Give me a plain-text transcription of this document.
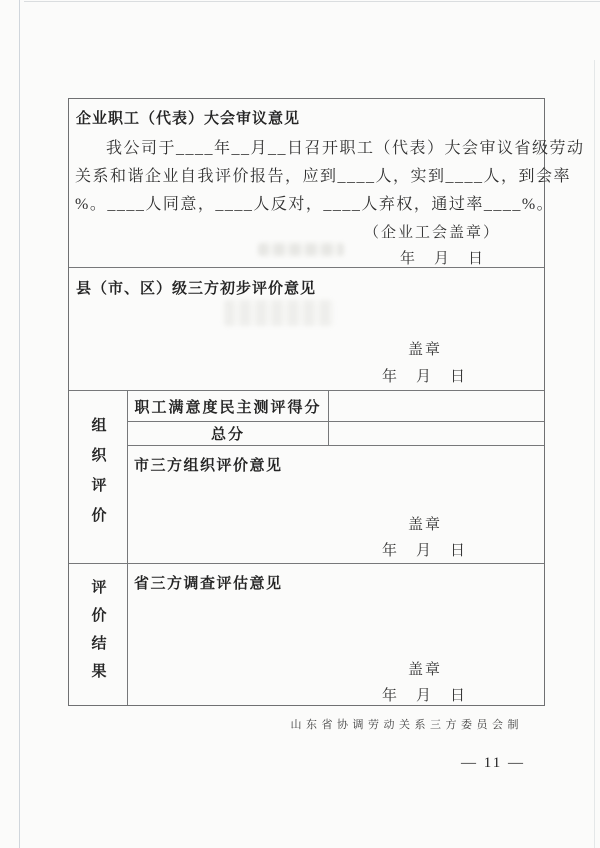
企业职工（代表）大会审议意见
我公司于____年__月__日召开职工（代表）大会审议省级劳动
关系和谐企业自我评价报告，应到____人，实到____人，到会率
%。____人同意，____人反对，____人弃权，通过率____%。
（企业工会盖章）
年　月　日
县（市、区）级三方初步评价意见
盖章
年　月　日
组织评价
职工满意度民主测评得分
总分
市三方组织评价意见
盖章
年　月　日
评价结果 省三方调查评估意见
盖章
年　月　日
山东省协调劳动关系三方委员会制
— 11 —
